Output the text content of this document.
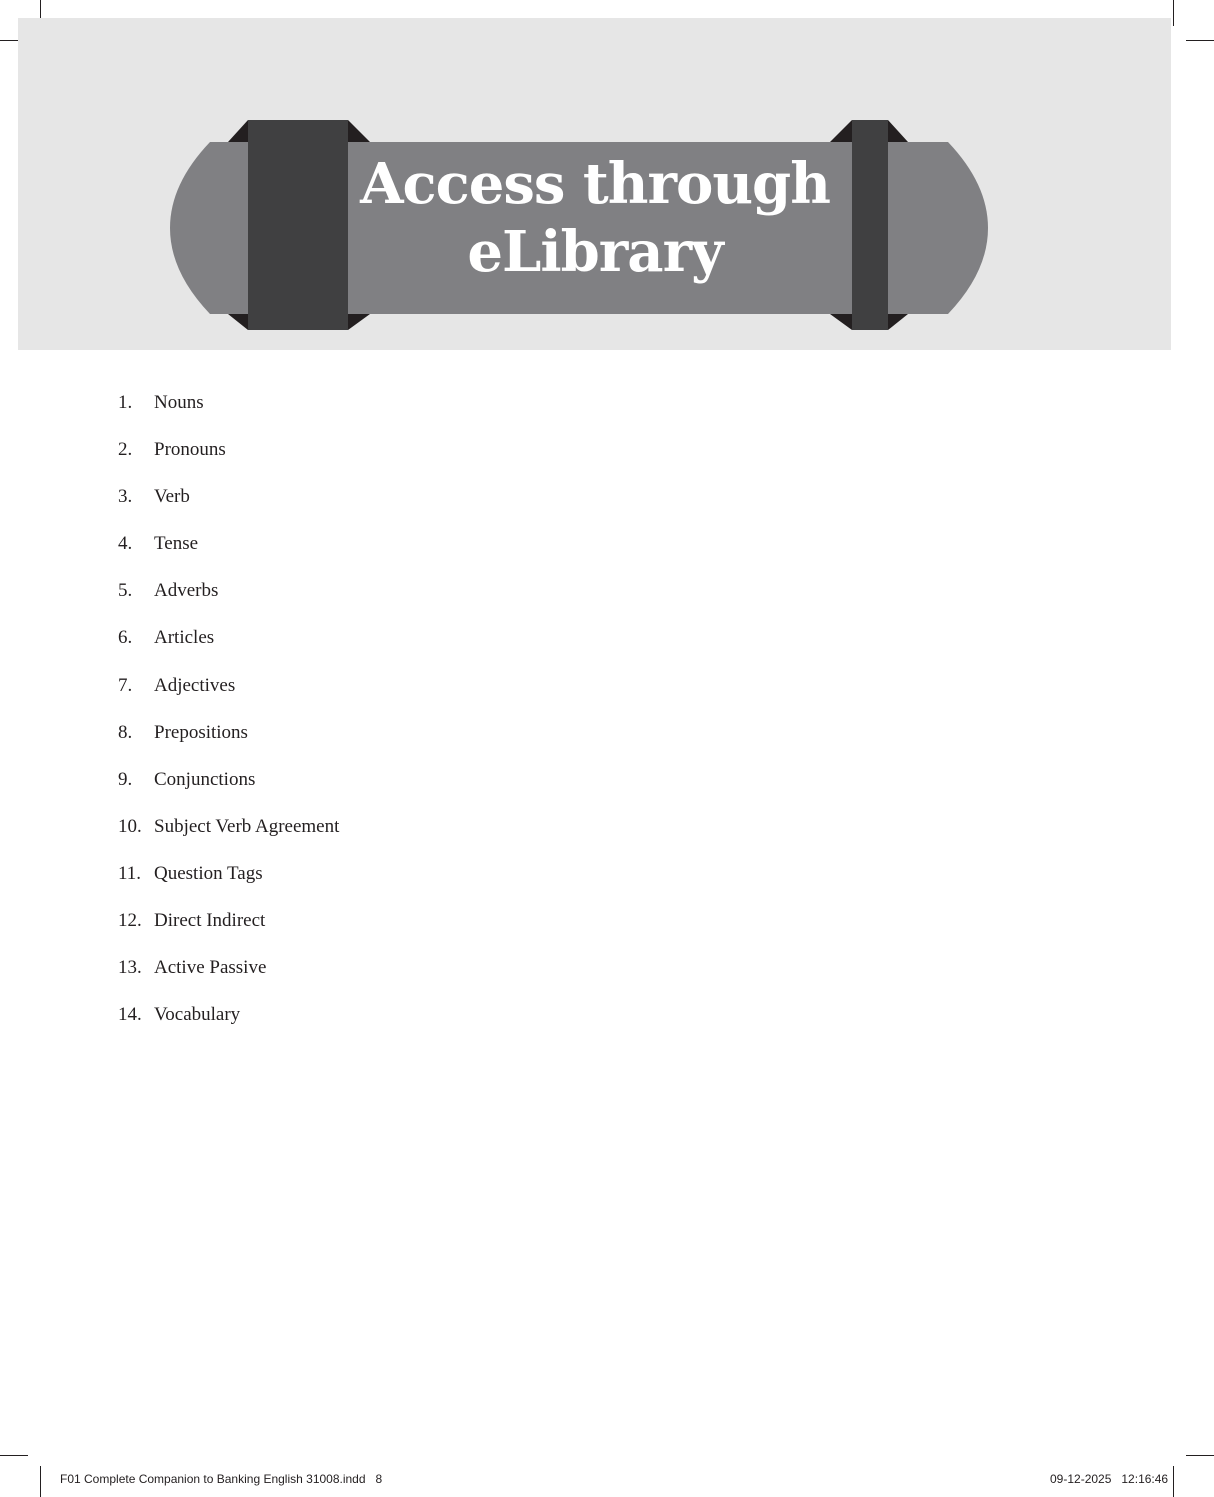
Access through
eLibrary
1.	Nouns
2.	Pronouns
3.	Verb
4.	Tense
5.	Adverbs
6.	Articles
7.	Adjectives
8.	Prepositions
9.	Conjunctions
10. Subject Verb Agreement
11. Question Tags
12. Direct Indirect
13. Active Passive
14. Vocabulary
F01 Complete Companion to Banking English 31008.indd   8	09-12-2025   12:16:46
